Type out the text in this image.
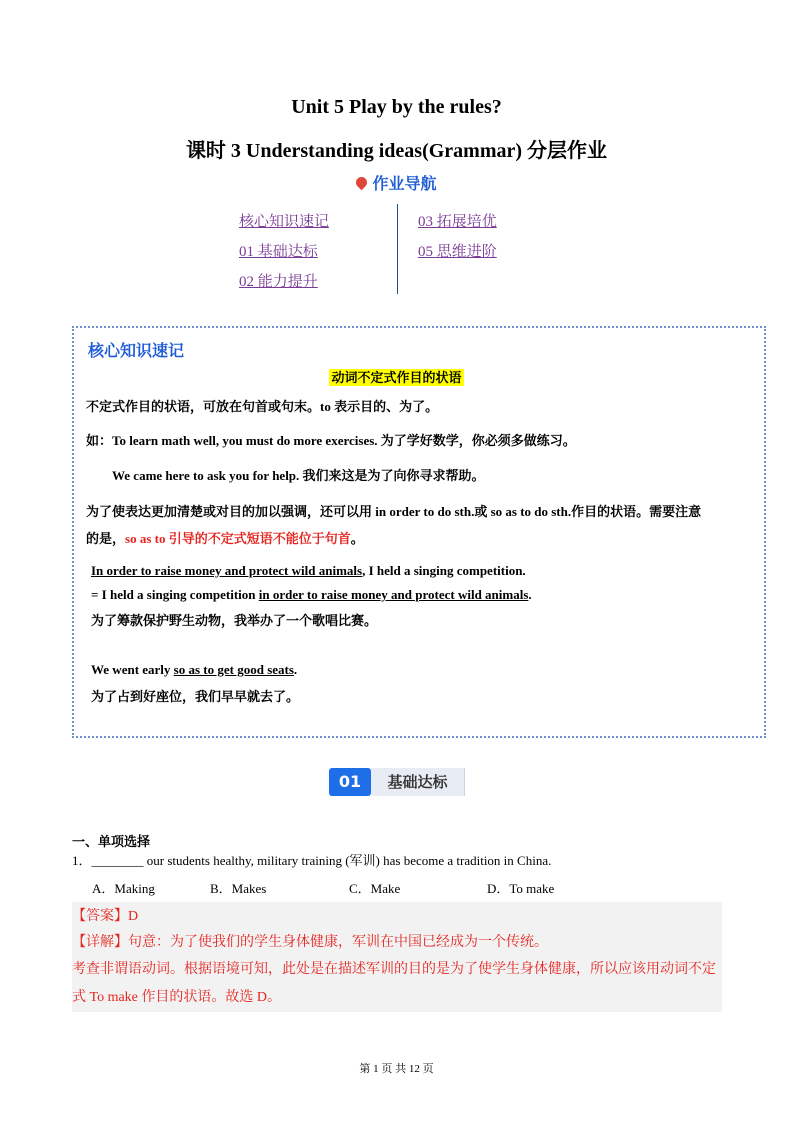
Unit 5 Play by the rules?
课时 3 Understanding ideas(Grammar) 分层作业
作业导航
核心知识速记
01 基础达标
02 能力提升
03 拓展培优
05 思维进阶
核心知识速记
动词不定式作目的状语
不定式作目的状语，可放在句首或句末。to 表示目的、为了。
如：To learn math well, you must do more exercises. 为了学好数学，你必须多做练习。
We came here to ask you for help. 我们来这是为了向你寻求帮助。
为了使表达更加清楚或对目的加以强调，还可以用 in order to do sth.或 so as to do sth.作目的状语。需要注意
的是，so as to 引导的不定式短语不能位于句首。
In order to raise money and protect wild animals, I held a singing competition.
= I held a singing competition in order to raise money and protect wild animals.
为了筹款保护野生动物，我举办了一个歌唱比赛。
We went early so as to get good seats.
为了占到好座位，我们早早就去了。
01	基础达标
一、单项选择
1．________ our students healthy, military training (军训) has become a tradition in China.
A．Making	B．Makes	C．Make	D．To make
【答案】D
【详解】句意：为了使我们的学生身体健康，军训在中国已经成为一个传统。
考查非谓语动词。根据语境可知，此处是在描述军训的目的是为了使学生身体健康，所以应该用动词不定
式 To make 作目的状语。故选 D。
第 1 页 共 12 页
